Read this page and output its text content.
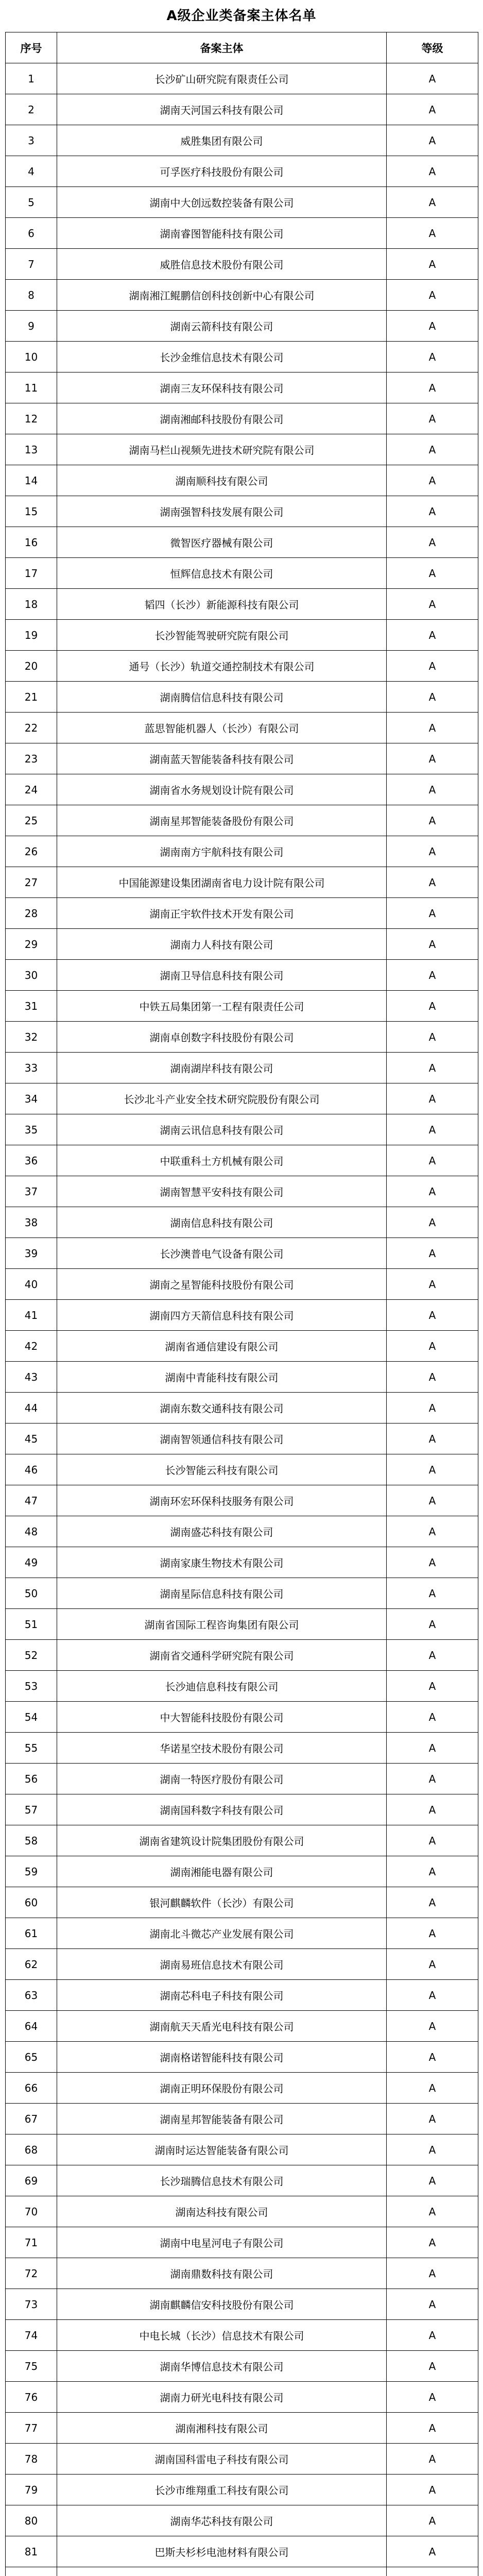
A级企业类备案主体名单
序号	备案主体	等级
1	长沙矿山研究院有限责任公司	A
2	湖南天河国云科技有限公司	A
3	威胜集团有限公司	A
4	可孚医疗科技股份有限公司	A
5	湖南中大创远数控装备有限公司	A
6	湖南睿图智能科技有限公司	A
7	威胜信息技术股份有限公司	A
8	湖南湘江鲲鹏信创科技创新中心有限公司	A
9	湖南云箭科技有限公司	A
10	长沙金维信息技术有限公司	A
11	湖南三友环保科技有限公司	A
12	湖南湘邮科技股份有限公司	A
13	湖南马栏山视频先进技术研究院有限公司	A
14	湖南顺科技有限公司	A
15	湖南强智科技发展有限公司	A
16	微智医疗器械有限公司	A
17	恒辉信息技术有限公司	A
18	韬四（长沙）新能源科技有限公司	A
19	长沙智能驾驶研究院有限公司	A
20	通号（长沙）轨道交通控制技术有限公司	A
21	湖南腾信信息科技有限公司	A
22	蓝思智能机器人（长沙）有限公司	A
23	湖南蓝天智能装备科技有限公司	A
24	湖南省水务规划设计院有限公司	A
25	湖南星邦智能装备股份有限公司	A
26	湖南南方宇航科技有限公司	A
27	中国能源建设集团湖南省电力设计院有限公司	A
28	湖南正宇软件技术开发有限公司	A
29	湖南力人科技有限公司	A
30	湖南卫导信息科技有限公司	A
31	中铁五局集团第一工程有限责任公司	A
32	湖南卓创数字科技股份有限公司	A
33	湖南湖岸科技有限公司	A
34	长沙北斗产业安全技术研究院股份有限公司	A
35	湖南云讯信息科技有限公司	A
36	中联重科土方机械有限公司	A
37	湖南智慧平安科技有限公司	A
38	湖南信息科技有限公司	A
39	长沙澳普电气设备有限公司	A
40	湖南之星智能科技股份有限公司	A
41	湖南四方天箭信息科技有限公司	A
42	湖南省通信建设有限公司	A
43	湖南中青能科技有限公司	A
44	湖南东数交通科技有限公司	A
45	湖南智领通信科技有限公司	A
46	长沙智能云科技有限公司	A
47	湖南环宏环保科技服务有限公司	A
48	湖南盛芯科技有限公司	A
49	湖南家康生物技术有限公司	A
50	湖南星际信息科技有限公司	A
51	湖南省国际工程咨询集团有限公司	A
52	湖南省交通科学研究院有限公司	A
53	长沙迪信息科技有限公司	A
54	中大智能科技股份有限公司	A
55	华诺星空技术股份有限公司	A
56	湖南一特医疗股份有限公司	A
57	湖南国科数字科技有限公司	A
58	湖南省建筑设计院集团股份有限公司	A
59	湖南湘能电器有限公司	A
60	银河麒麟软件（长沙）有限公司	A
61	湖南北斗微芯产业发展有限公司	A
62	湖南易班信息技术有限公司	A
63	湖南芯科电子科技有限公司	A
64	湖南航天天盾光电科技有限公司	A
65	湖南格诺智能科技有限公司	A
66	湖南正明环保股份有限公司	A
67	湖南星邦智能装备有限公司	A
68	湖南时运达智能装备有限公司	A
69	长沙瑞腾信息技术有限公司	A
70	湖南达科技有限公司	A
71	湖南中电星河电子有限公司	A
72	湖南鼎数科技有限公司	A
73	湖南麒麟信安科技股份有限公司	A
74	中电长城（长沙）信息技术有限公司	A
75	湖南华博信息技术有限公司	A
76	湖南力研光电科技有限公司	A
77	湖南湘科技有限公司	A
78	湖南国科雷电子科技有限公司	A
79	长沙市维翔重工科技有限公司	A
80	湖南华芯科技有限公司	A
81	巴斯夫杉杉电池材料有限公司	A
